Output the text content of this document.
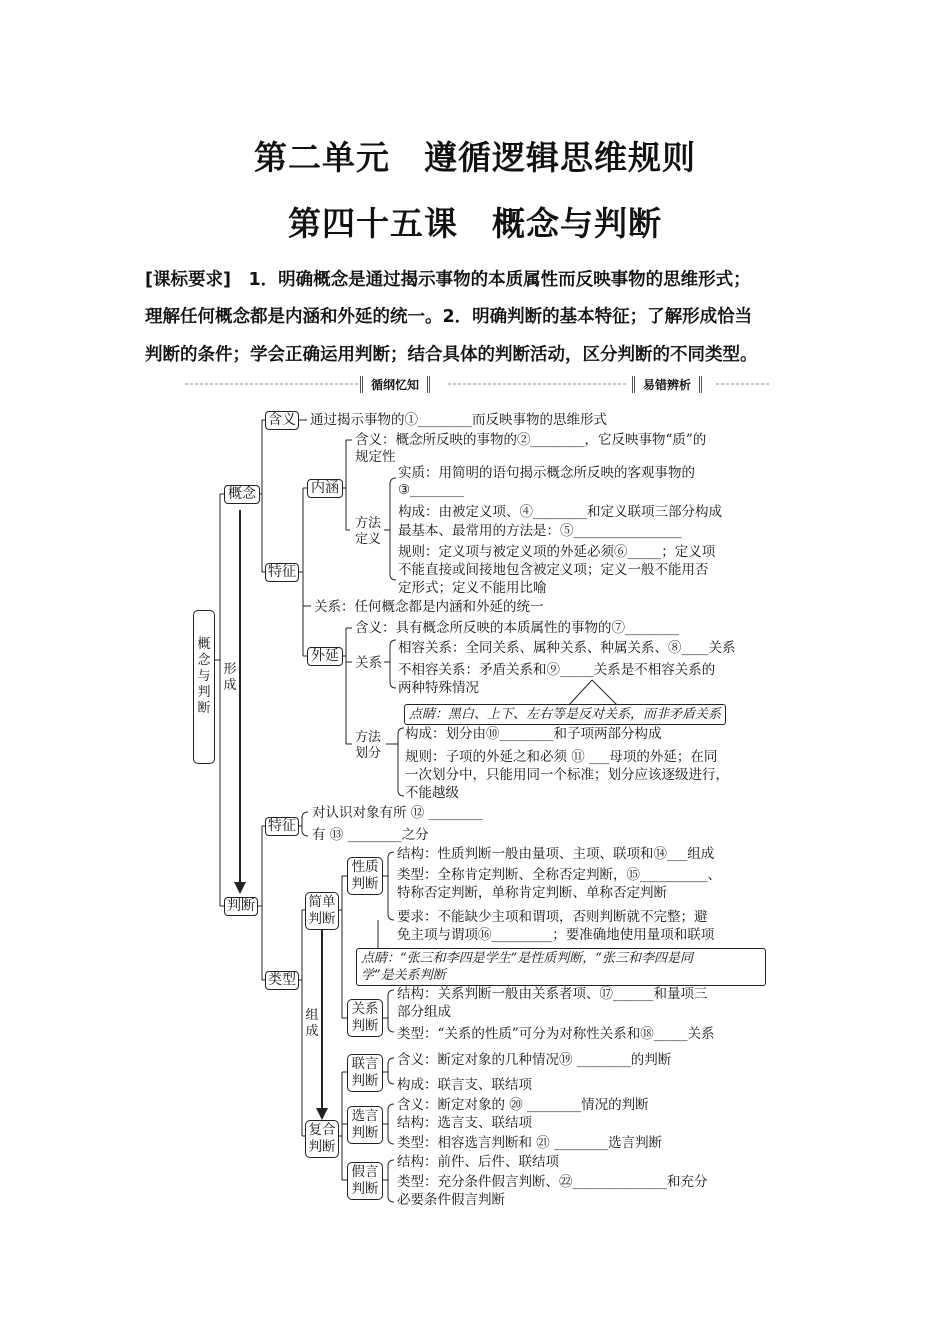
第二单元　遵循逻辑思维规则
第四十五课　概念与判断
[课标要求]　1．明确概念是通过揭示事物的本质属性而反映事物的思维形式；
理解任何概念都是内涵和外延的统一。2．明确判断的基本特征；了解形成恰当
判断的条件；学会正确运用判断；结合具体的判断活动，区分判断的不同类型。
循纲忆知	易错辨析
概念与判断
形成
组成
概念
含义 通过揭示事物的①________而反映事物的思维形式
特征
内涵
含义：概念所反映的事物的②________，它反映事物“质”的
规定性
方法定义
实质：用简明的语句揭示概念所反映的客观事物的
③________
构成：由被定义项、④________和定义联项三部分构成
最基本、最常用的方法是：⑤________________
规则：定义项与被定义项的外延必须⑥_____；定义项
不能直接或间接地包含被定义项；定义一般不能用否
定形式；定义不能用比喻
关系：任何概念都是内涵和外延的统一
外延
含义：具有概念所反映的本质属性的事物的⑦________
关系
相容关系：全同关系、属种关系、种属关系、⑧____关系
不相容关系：矛盾关系和⑨_____关系是不相容关系的
两种特殊情况
点睛：黑白、上下、左右等是反对关系，而非矛盾关系
方法划分
构成：划分由⑩________和子项两部分构成
规则：子项的外延之和必须 ⑪ ___母项的外延；在同
一次划分中，只能用同一个标准；划分应该逐级进行，
不能越级
判断
特征
对认识对象有所 ⑫ ________
有 ⑬ ________之分
类型
简单判断
性质判断
结构：性质判断一般由量项、主项、联项和⑭___组成
类型：全称肯定判断、全称否定判断，⑮__________、
特称否定判断，单称肯定判断、单称否定判断
要求：不能缺少主项和谓项，否则判断就不完整；避
免主项与谓项⑯_________；要准确地使用量项和联项
点睛：“张三和李四是学生”是性质判断，“张三和李四是同
学”是关系判断
关系判断
结构：关系判断一般由关系者项、⑰______和量项三
部分组成
类型：“关系的性质”可分为对称性关系和⑱_____关系
复合判断
联言判断
含义：断定对象的几种情况⑲ ________的判断
构成：联言支、联结项
选言判断
含义：断定对象的 ⑳ ________情况的判断
结构：选言支、联结项
类型：相容选言判断和 ㉑ ________选言判断
假言判断
结构：前件、后件、联结项
类型：充分条件假言判断、㉒______________和充分
必要条件假言判断
